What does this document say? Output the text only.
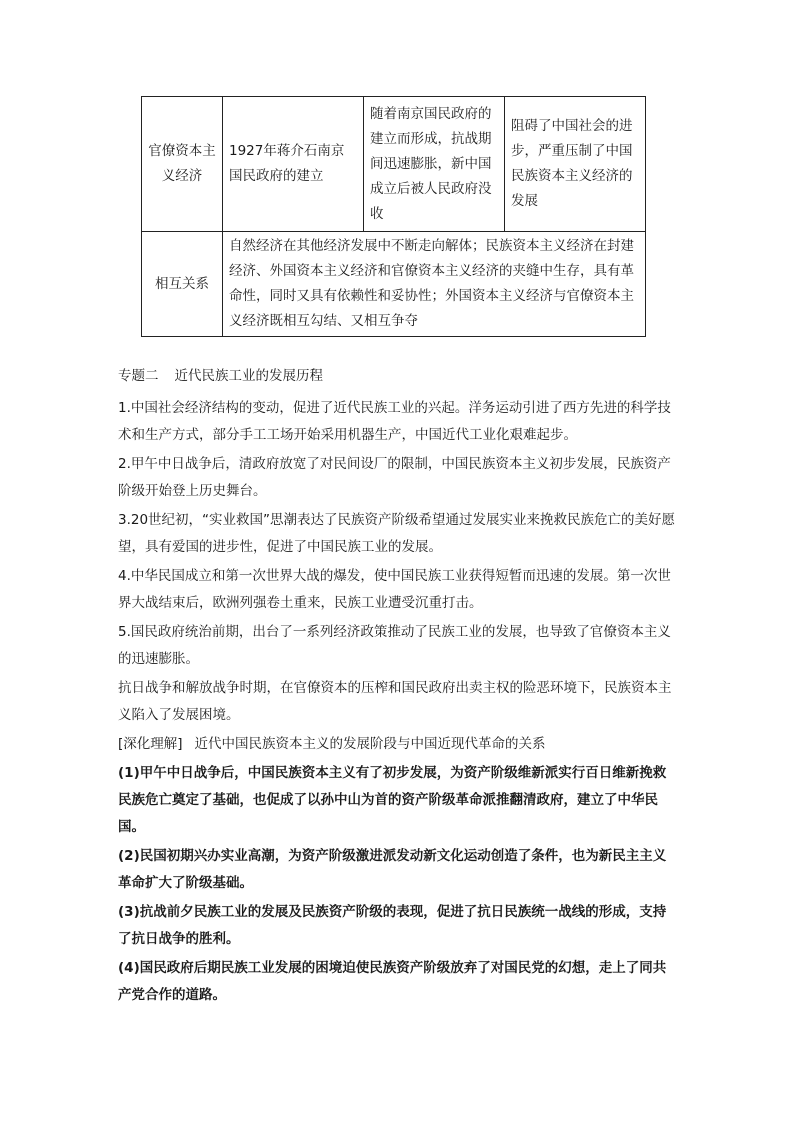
官僚资本主义经济	1927年蒋介石南京国民政府的建立	随着南京国民政府的建立而形成，抗战期间迅速膨胀，新中国成立后被人民政府没收	阻碍了中国社会的进步，严重压制了中国民族资本主义经济的发展
相互关系	自然经济在其他经济发展中不断走向解体；民族资本主义经济在封建经济、外国资本主义经济和官僚资本主义经济的夹缝中生存，具有革命性，同时又具有依赖性和妥协性；外国资本主义经济与官僚资本主义经济既相互勾结、又相互争夺		

专题二 近代民族工业的发展历程

1.中国社会经济结构的变动，促进了近代民族工业的兴起。洋务运动引进了西方先进的科学技术和生产方式，部分手工工场开始采用机器生产，中国近代工业化艰难起步。

2.甲午中日战争后，清政府放宽了对民间设厂的限制，中国民族资本主义初步发展，民族资产阶级开始登上历史舞台。

3.20世纪初，“实业救国”思潮表达了民族资产阶级希望通过发展实业来挽救民族危亡的美好愿望，具有爱国的进步性，促进了中国民族工业的发展。

4.中华民国成立和第一次世界大战的爆发，使中国民族工业获得短暂而迅速的发展。第一次世界大战结束后，欧洲列强卷土重来，民族工业遭受沉重打击。

5.国民政府统治前期，出台了一系列经济政策推动了民族工业的发展，也导致了官僚资本主义的迅速膨胀。

抗日战争和解放战争时期，在官僚资本的压榨和国民政府出卖主权的险恶环境下，民族资本主义陷入了发展困境。

[深化理解] 近代中国民族资本主义的发展阶段与中国近现代革命的关系

(1)甲午中日战争后，中国民族资本主义有了初步发展，为资产阶级维新派实行百日维新挽救民族危亡奠定了基础，也促成了以孙中山为首的资产阶级革命派推翻清政府，建立了中华民国。

(2)民国初期兴办实业高潮，为资产阶级激进派发动新文化运动创造了条件，也为新民主主义革命扩大了阶级基础。

(3)抗战前夕民族工业的发展及民族资产阶级的表现，促进了抗日民族统一战线的形成，支持了抗日战争的胜利。

(4)国民政府后期民族工业发展的困境迫使民族资产阶级放弃了对国民党的幻想，走上了同共产党合作的道路。
